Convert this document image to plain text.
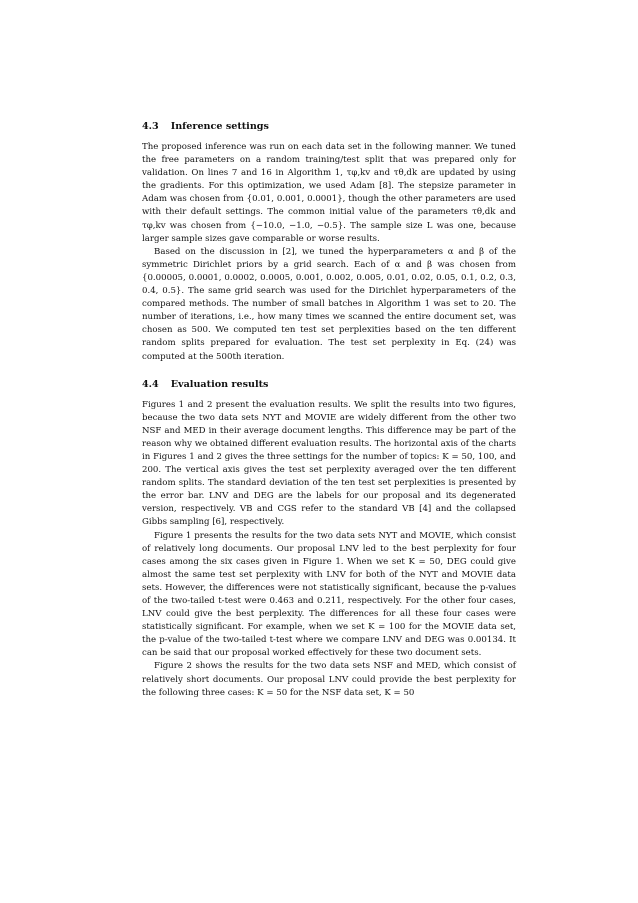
4.3 Inference settings

The proposed inference was run on each data set in the following manner. We tuned the free parameters on a random training/test split that was prepared only for validation. On lines 7 and 16 in Algorithm 1, τφ,kv and τθ,dk are updated by using the gradients. For this optimization, we used Adam [8]. The stepsize parameter in Adam was chosen from {0.01, 0.001, 0.0001}, though the other parameters are used with their default settings. The common initial value of the parameters τθ,dk and τφ,kv was chosen from {−10.0, −1.0, −0.5}. The sample size L was one, because larger sample sizes gave comparable or worse results.

Based on the discussion in [2], we tuned the hyperparameters α and β of the symmetric Dirichlet priors by a grid search. Each of α and β was chosen from {0.00005, 0.0001, 0.0002, 0.0005, 0.001, 0.002, 0.005, 0.01, 0.02, 0.05, 0.1, 0.2, 0.3, 0.4, 0.5}. The same grid search was used for the Dirichlet hyperparameters of the compared methods. The number of small batches in Algorithm 1 was set to 20. The number of iterations, i.e., how many times we scanned the entire document set, was chosen as 500. We computed ten test set perplexities based on the ten different random splits prepared for evaluation. The test set perplexity in Eq. (24) was computed at the 500th iteration.

4.4 Evaluation results

Figures 1 and 2 present the evaluation results. We split the results into two figures, because the two data sets NYT and MOVIE are widely different from the other two NSF and MED in their average document lengths. This difference may be part of the reason why we obtained different evaluation results. The horizontal axis of the charts in Figures 1 and 2 gives the three settings for the number of topics: K = 50, 100, and 200. The vertical axis gives the test set perplexity averaged over the ten different random splits. The standard deviation of the ten test set perplexities is presented by the error bar. LNV and DEG are the labels for our proposal and its degenerated version, respectively. VB and CGS refer to the standard VB [4] and the collapsed Gibbs sampling [6], respectively.

Figure 1 presents the results for the two data sets NYT and MOVIE, which consist of relatively long documents. Our proposal LNV led to the best perplexity for four cases among the six cases given in Figure 1. When we set K = 50, DEG could give almost the same test set perplexity with LNV for both of the NYT and MOVIE data sets. However, the differences were not statistically significant, because the p-values of the two-tailed t-test were 0.463 and 0.211, respectively. For the other four cases, LNV could give the best perplexity. The differences for all these four cases were statistically significant. For example, when we set K = 100 for the MOVIE data set, the p-value of the two-tailed t-test where we compare LNV and DEG was 0.00134. It can be said that our proposal worked effectively for these two document sets.

Figure 2 shows the results for the two data sets NSF and MED, which consist of relatively short documents. Our proposal LNV could provide the best perplexity for the following three cases: K = 50 for the NSF data set, K = 50
